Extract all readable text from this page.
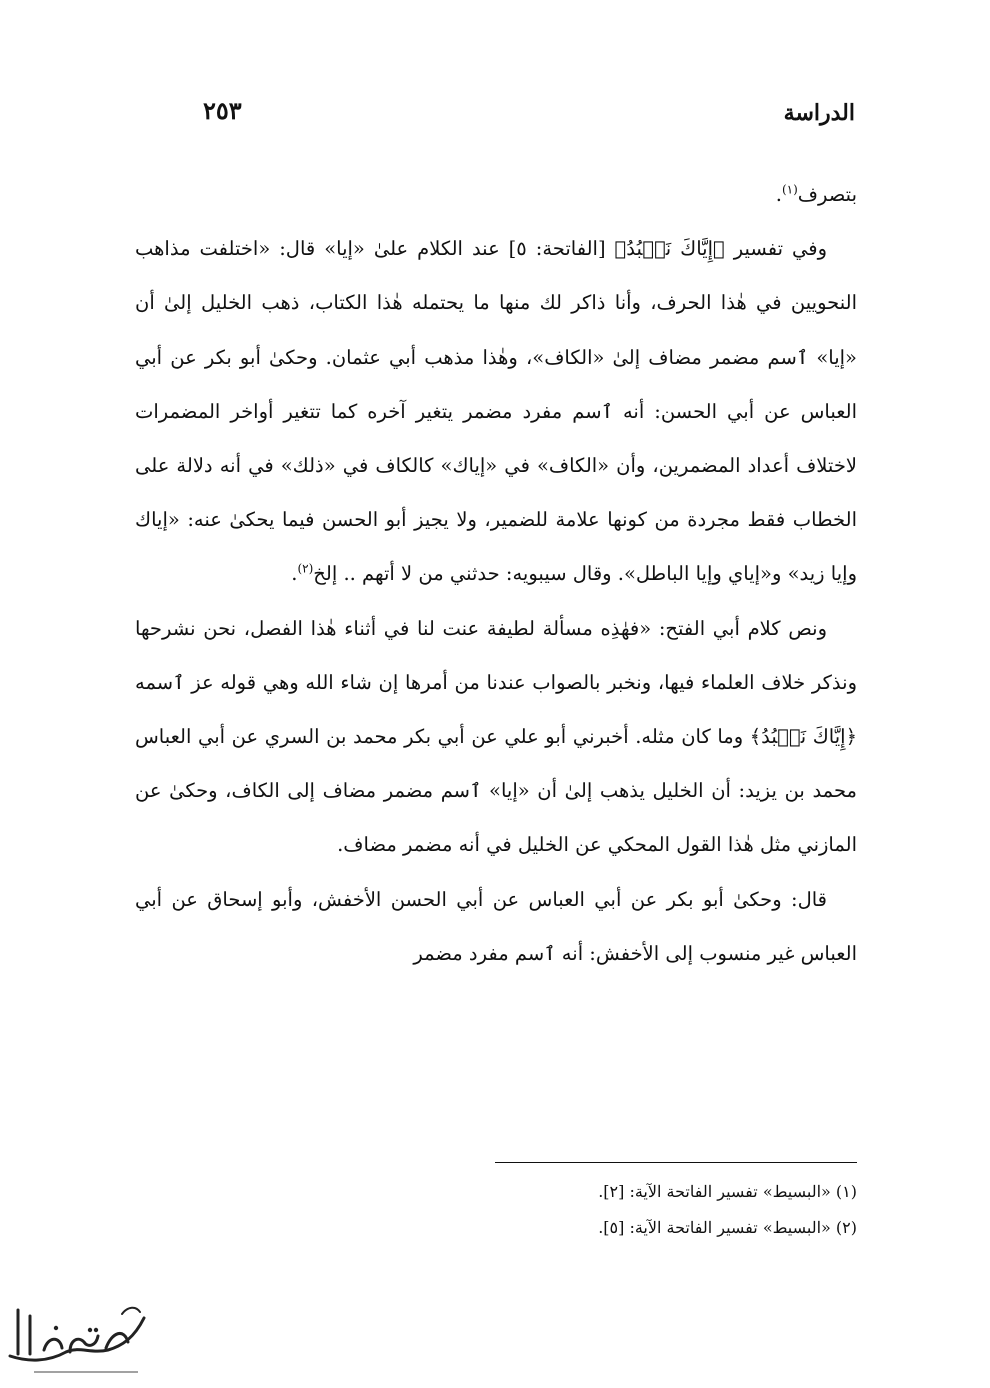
الدراسة
٢٥٣

بتصرف$^{(١)}$.

وفي تفسير ﴿إِيَّاكَ نَعۡبُدُ﴾ [الفاتحة: ٥] عند الكلام علىٰ «إيا» قال: «اختلفت مذاهب النحويين في هٰذا الحرف، وأنا ذاكر لك منها ما يحتمله هٰذا الكتاب، ذهب الخليل إلىٰ أن «إيا» ٱسم مضمر مضاف إلىٰ «الكاف»، وهٰذا مذهب أبي عثمان. وحكىٰ أبو بكر عن أبي العباس عن أبي الحسن: أنه ٱسم مفرد مضمر يتغير آخره كما تتغير أواخر المضمرات لاختلاف أعداد المضمرين، وأن «الكاف» في «إياك» كالكاف في «ذلك» في أنه دلالة على الخطاب فقط مجردة من كونها علامة للضمير، ولا يجيز أبو الحسن فيما يحكىٰ عنه: «إياك وإيا زيد» و«إياي وإيا الباطل». وقال سيبويه: حدثني من لا أتهم .. إلخ$^{(٢)}$.

ونص كلام أبي الفتح: «فهٰذِه مسألة لطيفة عنت لنا في أثناء هٰذا الفصل، نحن نشرحها ونذكر خلاف العلماء فيها، ونخبر بالصواب عندنا من أمرها إن شاء الله وهي قوله عز ٱسمه ﴿إِيَّاكَ نَعۡبُدُ﴾ وما كان مثله. أخبرني أبو علي عن أبي بكر محمد بن السري عن أبي العباس محمد بن يزيد: أن الخليل يذهب إلىٰ أن «إيا» ٱسم مضمر مضاف إلى الكاف، وحكىٰ عن المازني مثل هٰذا القول المحكي عن الخليل في أنه مضمر مضاف.

قال: وحكىٰ أبو بكر عن أبي العباس عن أبي الحسن الأخفش، وأبو إسحاق عن أبي العباس غير منسوب إلى الأخفش: أنه ٱسم مفرد مضمر

(١) «البسيط» تفسير الفاتحة الآية: [٢].
(٢) «البسيط» تفسير الفاتحة الآية: [٥].
